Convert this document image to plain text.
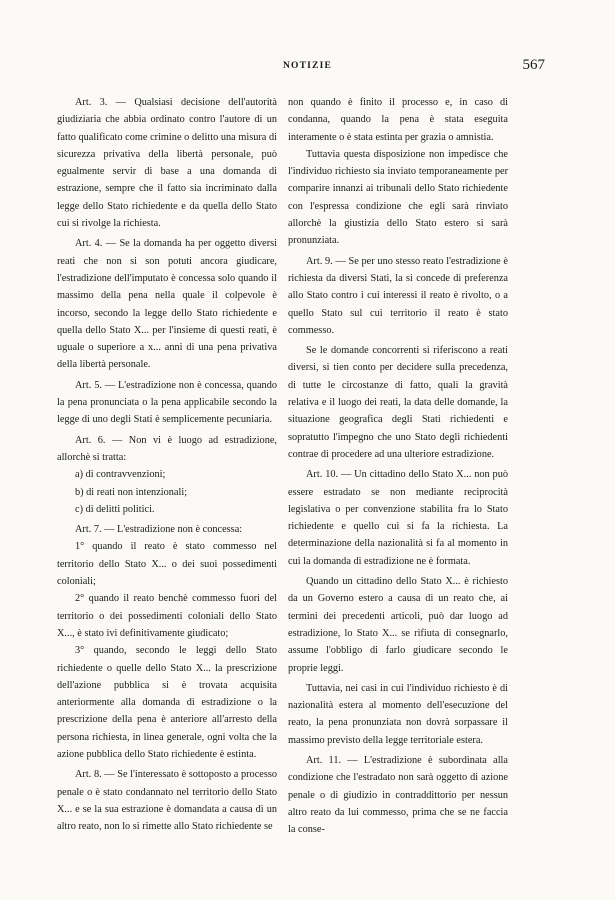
NOTIZIE	567

Art. 3. — Qualsiasi decisione dell'autorità giudiziaria che abbia ordinato contro l'autore di un fatto qualificato come crimine o delitto una misura di sicurezza privativa della libertà personale, può egualmente servir di base a una domanda di estrazione, sempre che il fatto sia incriminato dalla legge dello Stato richiedente e da quella dello Stato cui si rivolge la richiesta.

Art. 4. — Se la domanda ha per oggetto diversi reati che non si son potuti ancora giudicare, l'estradizione dell'imputato è concessa solo quando il massimo della pena nella quale il colpevole è incorso, secondo la legge dello Stato richiedente e quella dello Stato X... per l'insieme di questi reati, è uguale o superiore a x... anni di una pena privativa della libertà personale.

Art. 5. — L'estradizione non è concessa, quando la pena pronunciata o la pena applicabile secondo la legge di uno degli Stati è semplicemente pecuniaria.

Art. 6. — Non vi è luogo ad estradizione, allorchè si tratta:

a) di contravvenzioni;

b) di reati non intenzionali;

c) di delitti politici.

Art. 7. — L'estradizione non è concessa:

1° quando il reato è stato commesso nel territorio dello Stato X... o dei suoi possedimenti coloniali;

2° quando il reato benchè commesso fuori del territorio o dei possedimenti coloniali dello Stato X..., è stato ivi definitivamente giudicato;

3° quando, secondo le leggi dello Stato richiedente o quelle dello Stato X... la prescrizione dell'azione pubblica si è trovata acquisita anteriormente alla domanda di estradizione o la prescrizione della pena è anteriore all'arresto della persona richiesta, in linea generale, ogni volta che la azione pubblica dello Stato richiedente è estinta.

Art. 8. — Se l'interessato è sottoposto a processo penale o è stato condannato nel territorio dello Stato X... e se la sua estrazione è domandata a causa di un altro reato, non lo si rimette allo Stato richiedente se

non quando è finito il processo e, in caso di condanna, quando la pena è stata eseguita interamente o è stata estinta per grazia o amnistia.

Tuttavia questa disposizione non impedisce che l'individuo richiesto sia inviato temporaneamente per comparire innanzi ai tribunali dello Stato richiedente con l'espressa condizione che egli sarà rinviato allorchè la giustizia dello Stato estero si sarà pronunziata.

Art. 9. — Se per uno stesso reato l'estradizione è richiesta da diversi Stati, la si concede di preferenza allo Stato contro i cui interessi il reato è rivolto, o a quello Stato sul cui territorio il reato è stato commesso.

Se le domande concorrenti si riferiscono a reati diversi, si tien conto per decidere sulla precedenza, di tutte le circostanze di fatto, quali la gravità relativa e il luogo dei reati, la data delle domande, la situazione geografica degli Stati richiedenti e sopratutto l'impegno che uno Stato degli richiedenti contrae di procedere ad una ulteriore estradizione.

Art. 10. — Un cittadino dello Stato X... non può essere estradato se non mediante reciprocità legislativa o per convenzione stabilita fra lo Stato richiedente e quello cui si fa la richiesta. La determinazione della nazionalità si fa al momento in cui la domanda di estradizione ne è formata.

Quando un cittadino dello Stato X... è richiesto da un Governo estero a causa di un reato che, ai termini dei precedenti articoli, può dar luogo ad estradizione, lo Stato X... se rifiuta di consegnarlo, assume l'obbligo di farlo giudicare secondo le proprie leggi.

Tuttavia, nei casi in cui l'individuo richiesto è di nazionalità estera al momento dell'esecuzione del reato, la pena pronunziata non dovrà sorpassare il massimo previsto della legge territoriale estera.

Art. 11. — L'estradizione è subordinata alla condizione che l'estradato non sarà oggetto di azione penale o di giudizio in contraddittorio per nessun altro reato da lui commesso, prima che se ne faccia la conse-
